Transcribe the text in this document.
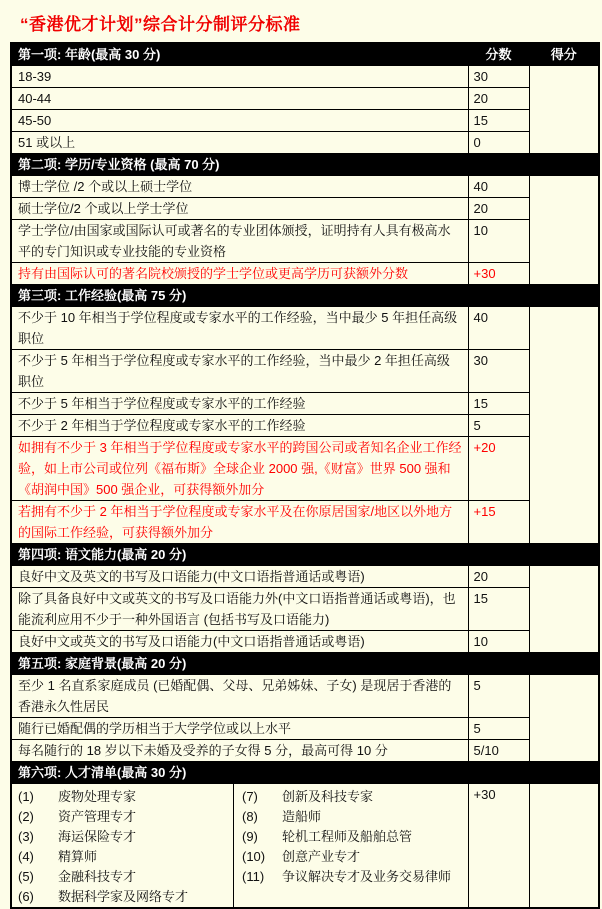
“香港优才计划”综合计分制评分标准
第一项: 年龄(最高 30 分)	分数	得分
18-39	30	
40-44	20	
45-50	15	
51 或以上	0	
第二项: 学历/专业资格 (最高 70 分)		
博士学位 /2 个或以上硕士学位	40	
硕士学位/2 个或以上学士学位	20	
学士学位/由国家或国际认可或著名的专业团体颁授，证明持有人具有极高水平的专门知识或专业技能的专业资格	10	
持有由国际认可的著名院校颁授的学士学位或更高学历可获额外分数	+30	
第三项: 工作经验(最高 75 分)		
不少于 10 年相当于学位程度或专家水平的工作经验，当中最少 5 年担任高级职位	40	
不少于 5 年相当于学位程度或专家水平的工作经验，当中最少 2 年担任高级职位	30	
不少于 5 年相当于学位程度或专家水平的工作经验	15	
不少于 2 年相当于学位程度或专家水平的工作经验	5	
如拥有不少于 3 年相当于学位程度或专家水平的跨国公司或者知名企业工作经验，如上市公司或位列《福布斯》全球企业 2000 强,《财富》世界 500 强和《胡润中国》500 强企业，可获得额外加分	+20	
若拥有不少于 2 年相当于学位程度或专家水平及在你原居国家/地区以外地方的国际工作经验，可获得额外加分	+15	
第四项: 语文能力(最高 20 分)		
良好中文及英文的书写及口语能力(中文口语指普通话或粤语)	20	
除了具备良好中文或英文的书写及口语能力外(中文口语指普通话或粤语)，也能流利应用不少于一种外国语言 (包括书写及口语能力)	15	
良好中文或英文的书写及口语能力(中文口语指普通话或粤语)	10	
第五项: 家庭背景(最高 20 分)		
至少 1 名直系家庭成员 (已婚配偶、父母、兄弟姊妹、子女) 是现居于香港的香港永久性居民	5	
随行已婚配偶的学历相当于大学学位或以上水平	5	
每名随行的 18 岁以下未婚及受养的子女得 5 分，最高可得 10 分	5/10	
第六项: 人才清单(最高 30 分)		

(1)	废物处理专家
(2)	资产管理专才
(3)	海运保险专才
(4)	精算师
(5)	金融科技专才
(6)	数据科学家及网络专才
(7)	创新及科技专家
(8)	造船师
(9)	轮机工程师及船舶总管
(10)	创意产业专才
(11)	争议解决专才及业务交易律师
	+30	
